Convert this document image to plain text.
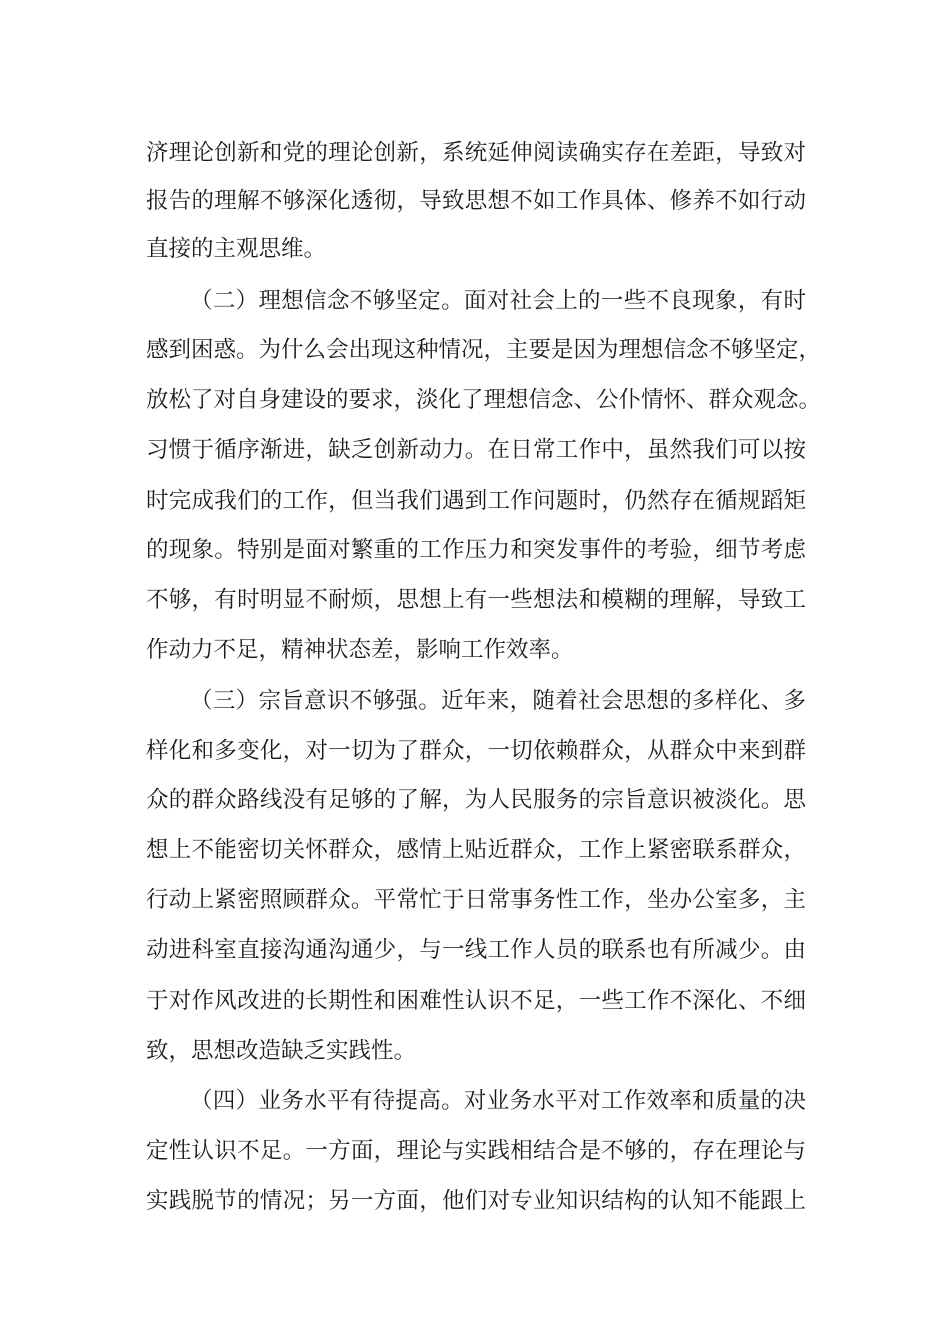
济理论创新和党的理论创新，系统延伸阅读确实存在差距，导致对
报告的理解不够深化透彻，导致思想不如工作具体、修养不如行动
直接的主观思维。
（二）理想信念不够坚定。面对社会上的一些不良现象，有时
感到困惑。为什么会出现这种情况，主要是因为理想信念不够坚定，
放松了对自身建设的要求，淡化了理想信念、公仆情怀、群众观念。
习惯于循序渐进，缺乏创新动力。在日常工作中，虽然我们可以按
时完成我们的工作，但当我们遇到工作问题时，仍然存在循规蹈矩
的现象。特别是面对繁重的工作压力和突发事件的考验，细节考虑
不够，有时明显不耐烦，思想上有一些想法和模糊的理解，导致工
作动力不足，精神状态差，影响工作效率。
（三）宗旨意识不够强。近年来，随着社会思想的多样化、多
样化和多变化，对一切为了群众，一切依赖群众，从群众中来到群
众的群众路线没有足够的了解，为人民服务的宗旨意识被淡化。思
想上不能密切关怀群众，感情上贴近群众，工作上紧密联系群众，
行动上紧密照顾群众。平常忙于日常事务性工作，坐办公室多，主
动进科室直接沟通沟通少，与一线工作人员的联系也有所减少。由
于对作风改进的长期性和困难性认识不足，一些工作不深化、不细
致，思想改造缺乏实践性。
（四）业务水平有待提高。对业务水平对工作效率和质量的决
定性认识不足。一方面，理论与实践相结合是不够的，存在理论与
实践脱节的情况；另一方面，他们对专业知识结构的认知不能跟上
